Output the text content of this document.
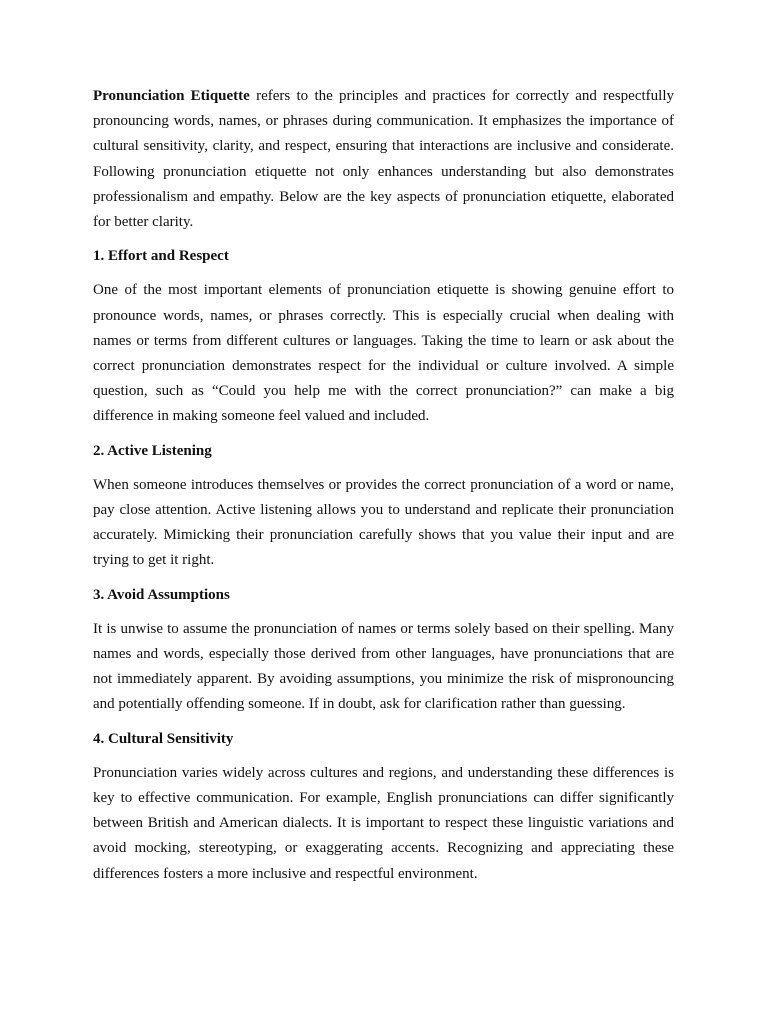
Pronunciation Etiquette refers to the principles and practices for correctly and respectfully pronouncing words, names, or phrases during communication. It emphasizes the importance of cultural sensitivity, clarity, and respect, ensuring that interactions are inclusive and considerate. Following pronunciation etiquette not only enhances understanding but also demonstrates professionalism and empathy. Below are the key aspects of pronunciation etiquette, elaborated for better clarity.

1. Effort and Respect

One of the most important elements of pronunciation etiquette is showing genuine effort to pronounce words, names, or phrases correctly. This is especially crucial when dealing with names or terms from different cultures or languages. Taking the time to learn or ask about the correct pronunciation demonstrates respect for the individual or culture involved. A simple question, such as “Could you help me with the correct pronunciation?” can make a big difference in making someone feel valued and included.

2. Active Listening

When someone introduces themselves or provides the correct pronunciation of a word or name, pay close attention. Active listening allows you to understand and replicate their pronunciation accurately. Mimicking their pronunciation carefully shows that you value their input and are trying to get it right.

3. Avoid Assumptions

It is unwise to assume the pronunciation of names or terms solely based on their spelling. Many names and words, especially those derived from other languages, have pronunciations that are not immediately apparent. By avoiding assumptions, you minimize the risk of mispronouncing and potentially offending someone. If in doubt, ask for clarification rather than guessing.

4. Cultural Sensitivity

Pronunciation varies widely across cultures and regions, and understanding these differences is key to effective communication. For example, English pronunciations can differ significantly between British and American dialects. It is important to respect these linguistic variations and avoid mocking, stereotyping, or exaggerating accents. Recognizing and appreciating these differences fosters a more inclusive and respectful environment.
